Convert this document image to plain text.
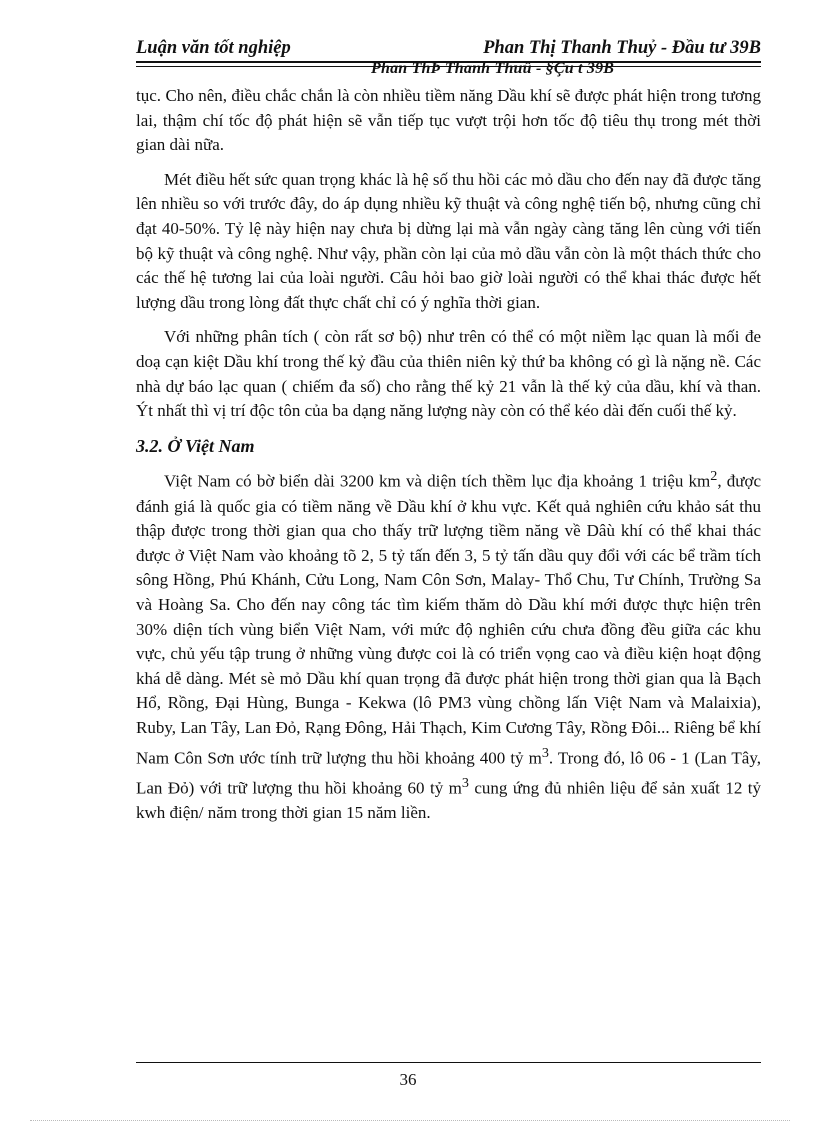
Luận văn tốt nghiệp	Phan Thị Thanh Thuỷ - Đầu tư 39B
Phan ThÞ Thanh Thuû - §Çu t 39B

tục. Cho nên, điều chắc chắn là còn nhiều tiềm năng Dầu khí sẽ được phát hiện trong tương lai, thậm chí tốc độ phát hiện sẽ vẫn tiếp tục vượt trội hơn tốc độ tiêu thụ trong mét thời gian dài nữa.

Mét điều hết sức quan trọng khác là hệ số thu hồi các mỏ dầu cho đến nay đã được tăng lên nhiều so với trước đây, do áp dụng nhiều kỹ thuật và công nghệ tiến bộ, nhưng cũng chỉ đạt 40-50%. Tỷ lệ này hiện nay chưa bị dừng lại mà vẫn ngày càng tăng lên cùng với tiến bộ kỹ thuật và công nghệ. Như vậy, phần còn lại của mỏ dầu vẫn còn là một thách thức cho các thế hệ tương lai của loài người. Câu hỏi bao giờ loài người có thể khai thác được hết lượng dầu trong lòng đất thực chất chỉ có ý nghĩa thời gian.

Với những phân tích ( còn rất sơ bộ) như trên có thể có một niềm lạc quan là mối đe doạ cạn kiệt Dầu khí trong thế kỷ đầu của thiên niên kỷ thứ ba không có gì là nặng nề. Các nhà dự báo lạc quan ( chiếm đa số) cho rằng thế kỷ 21 vẫn là thế kỷ của dầu, khí và than. Ýt nhất thì vị trí độc tôn của ba dạng năng lượng này còn có thể kéo dài đến cuối thế kỷ.

3.2. Ở Việt Nam

Việt Nam có bờ biển dài 3200 km và diện tích thềm lục địa khoảng 1 triệu $km^2$, được đánh giá là quốc gia có tiềm năng về Dầu khí ở khu vực. Kết quả nghiên cứu khảo sát thu thập được trong thời gian qua cho thấy trữ lượng tiềm năng về Dâù khí có thể khai thác được ở Việt Nam vào khoảng tõ 2, 5 tỷ tấn đến 3, 5 tỷ tấn dầu quy đổi với các bể trầm tích sông Hồng, Phú Khánh, Cửu Long, Nam Côn Sơn, Malay- Thổ Chu, Tư Chính, Trường Sa và Hoàng Sa. Cho đến nay công tác tìm kiếm thăm dò Dầu khí mới được thực hiện trên 30% diện tích vùng biển Việt Nam, với mức độ nghiên cứu chưa đồng đều giữa các khu vực, chủ yếu tập trung ở những vùng được coi là có triển vọng cao và điều kiện hoạt động khá dễ dàng. Mét sè mỏ Dầu khí quan trọng đã được phát hiện trong thời gian qua là Bạch Hổ, Rồng, Đại Hùng, Bunga - Kekwa (lô PM3 vùng chồng lấn Việt Nam và Malaixia), Ruby, Lan Tây, Lan Đỏ, Rạng Đông, Hải Thạch, Kim Cương Tây, Rồng Đôi... Riêng bể khí Nam Côn Sơn ước tính trữ lượng thu hồi khoảng 400 tỷ $m^3$. Trong đó, lô 06 - 1 (Lan Tây, Lan Đỏ) với trữ lượng thu hồi khoảng 60 tỷ $m^3$ cung ứng đủ nhiên liệu để sản xuất 12 tỷ kwh điện/ năm trong thời gian 15 năm liền.

36
